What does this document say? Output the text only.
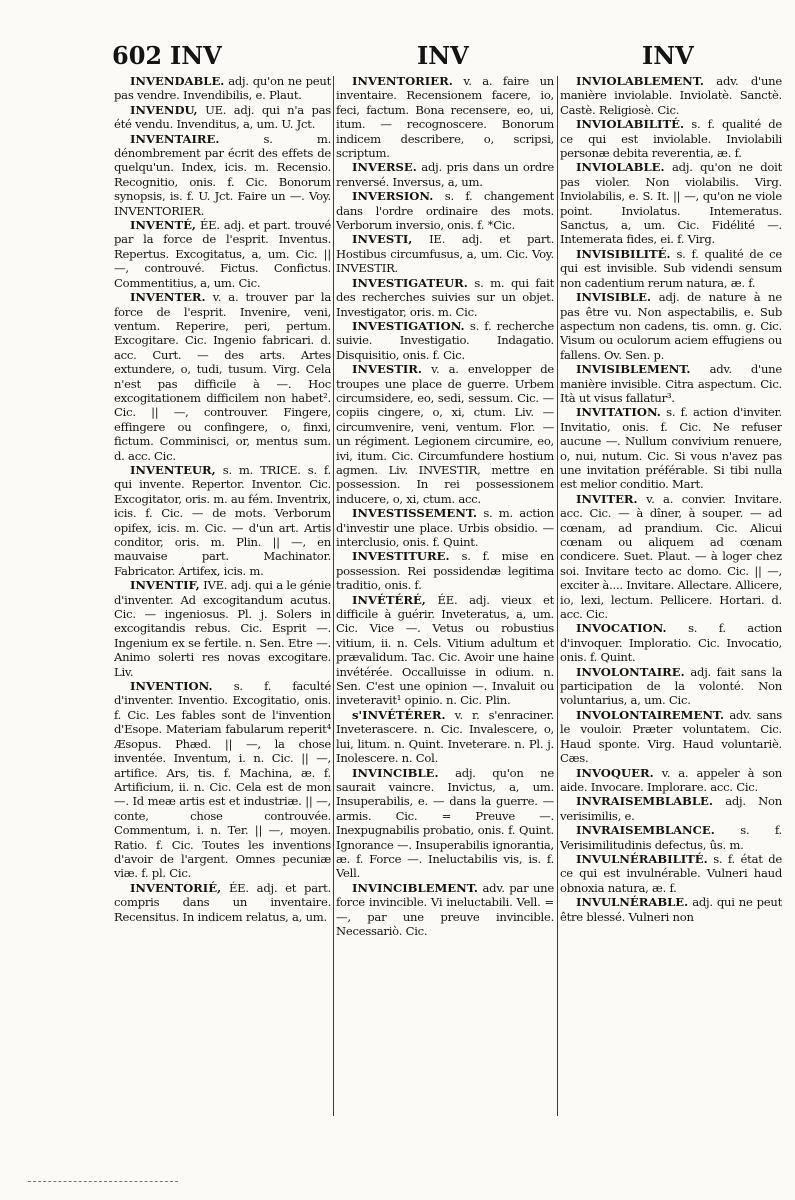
602 INV	INV	INV

INVENDABLE. adj. qu'on ne peut pas vendre. Invendibilis, e. Plaut.

INVENDU, UE. adj. qui n'a pas été vendu. Invenditus, a, um. U. Jct.

INVENTAIRE.	s. m. dénombrement par écrit des effets de quelqu'un. Index, icis. m. Recensio. Recognitio, onis. f. Cic. Bonorum synopsis, is. f. U. Jct. Faire un —. Voy. INVENTORIER.

INVENTÉ, ÉE. adj. et part. trouvé par la force de l'esprit. Inventus. Repertus. Excogitatus, a, um. Cic. || —, controuvé. Fictus. Confictus. Commentitius, a, um. Cic.

INVENTER. v. a. trouver par la force de l'esprit. Invenire, veni, ventum. Reperire, peri, pertum. Excogitare. Cic. Ingenio fabricari. d. acc. Curt. — des arts. Artes extundere, o, tudi, tusum. Virg. Cela n'est pas difficile à —. Hoc excogitationem difficilem non habet². Cic. || —, controuver. Fingere, effingere ou confingere, o, finxi, fictum. Comminisci, or, mentus sum. d. acc. Cic.

INVENTEUR, s. m. TRICE. s. f. qui invente. Repertor. Inventor. Cic. Excogitator, oris. m. au fém. Inventrix, icis. f. Cic. — de mots. Verborum opifex, icis. m. Cic. — d'un art. Artis conditor, oris. m. Plin. || —, en mauvaise part. Machinator. Fabricator. Artifex, icis. m.

INVENTIF, IVE. adj. qui a le génie d'inventer. Ad excogitandum acutus. Cic. — ingeniosus. Pl. j. Solers in excogitandis rebus. Cic. Esprit —. Ingenium ex se fertile. n. Sen. Etre —. Animo solerti res novas excogitare. Liv.

INVENTION. s. f. faculté d'inventer. Inventio. Excogitatio, onis. f. Cic. Les fables sont de l'invention d'Esope. Materiam fabularum reperit⁴ Æsopus. Phæd. || —, la chose inventée. Inventum, i. n. Cic. || —, artifice. Ars, tis. f. Machina, æ. f. Artificium, ii. n. Cic. Cela est de mon —. Id meæ artis est et industriæ. || —, conte, chose controuvée. Commentum, i. n. Ter. || —, moyen. Ratio. f. Cic. Toutes les inventions d'avoir de l'argent. Omnes pecuniæ viæ. f. pl. Cic.

INVENTORIÉ, ÉE. adj. et part. compris dans un inventaire. Recensitus. In indicem relatus, a, um.

INVENTORIER. v. a. faire un inventaire. Recensionem facere, io, feci, factum. Bona recensere, eo, ui, itum. — recognoscere. Bonorum indicem describere, o, scripsi, scriptum.

INVERSE. adj. pris dans un ordre renversé. Inversus, a, um.

INVERSION. s. f. changement dans l'ordre ordinaire des mots. Verborum inversio, onis. f. *Cic.

INVESTI, IE. adj. et part. Hostibus circumfusus, a, um. Cic. Voy. INVESTIR.

INVESTIGATEUR. s. m. qui fait des recherches suivies sur un objet. Investigator, oris. m. Cic.

INVESTIGATION. s. f. recherche suivie. Investigatio. Indagatio. Disquisitio, onis. f. Cic.

INVESTIR. v. a. envelopper de troupes une place de guerre. Urbem circumsidere, eo, sedi, sessum. Cic. — copiis cingere, o, xi, ctum. Liv. — circumvenire, veni, ventum. Flor. — un régiment. Legionem circumire, eo, ivi, itum. Cic. Circumfundere hostium agmen. Liv. INVESTIR, mettre en possession. In rei possessionem inducere, o, xi, ctum. acc.

INVESTISSEMENT. s. m. action d'investir une place. Urbis obsidio. — interclusio, onis. f. Quint.

INVESTITURE. s. f. mise en possession. Rei possidendæ legitima traditio, onis. f.

INVÉTÉRÉ, ÉE. adj. vieux et difficile à guérir. Inveteratus, a, um. Cic. Vice —. Vetus ou robustius vitium, ii. n. Cels. Vitium adultum et prævalidum. Tac. Cic. Avoir une haine invétérée. Occalluisse in odium. n. Sen. C'est une opinion —. Invaluit ou inveteravit¹ opinio. n. Cic. Plin.

s'INVÉTÉRER. v. r. s'enraciner. Inveterascere. n. Cic. Invalescere, o, lui, litum. n. Quint. Inveterare. n. Pl. j. Inolescere. n. Col.

INVINCIBLE. adj. qu'on ne saurait vaincre. Invictus, a, um. Insuperabilis, e. — dans la guerre. — armis. Cic. = Preuve —. Inexpugnabilis probatio, onis. f. Quint. Ignorance —. Insuperabilis ignorantia, æ. f. Force —. Ineluctabilis vis, is. f. Vell.

INVINCIBLEMENT. adv. par une force invincible. Vi ineluctabili. Vell. = —, par une preuve invincible. Necessariò. Cic.

INVIOLABLEMENT. adv. d'une manière inviolable. Inviolatè. Sanctè. Castè. Religiosè. Cic.

INVIOLABILITÉ. s. f. qualité de ce qui est inviolable. Inviolabili personæ debita reverentia, æ. f.

INVIOLABLE. adj. qu'on ne doit pas violer. Non violabilis. Virg. Inviolabilis, e. S. It. || —, qu'on ne viole point. Inviolatus. Intemeratus. Sanctus, a, um. Cic. Fidélité —. Intemerata fides, ei. f. Virg.

INVISIBILITÉ. s. f. qualité de ce qui est invisible. Sub videndi sensum non cadentium rerum natura, æ. f.

INVISIBLE. adj. de nature à ne pas être vu. Non aspectabilis, e. Sub aspectum non cadens, tis. omn. g. Cic. Visum ou oculorum aciem effugiens ou fallens. Ov. Sen. p.

INVISIBLEMENT. adv. d'une manière invisible. Citra aspectum. Cic. Ità ut visus fallatur³.

INVITATION. s. f. action d'inviter. Invitatio, onis. f. Cic. Ne refuser aucune —. Nullum convivium renuere, o, nui, nutum. Cic. Si vous n'avez pas une invitation préférable. Si tibi nulla est melior conditio. Mart.

INVITER. v. a. convier. Invitare. acc. Cic. — à dîner, à souper. — ad cœnam, ad prandium. Cic. Alicui cœnam ou aliquem ad cœnam condicere. Suet. Plaut. — à loger chez soi. Invitare tecto ac domo. Cic. || —, exciter à.... Invitare. Allectare. Allicere, io, lexi, lectum. Pellicere. Hortari. d. acc. Cic.

INVOCATION. s. f. action d'invoquer. Imploratio. Cic. Invocatio, onis. f. Quint.

INVOLONTAIRE. adj. fait sans la participation de la volonté. Non voluntarius, a, um. Cic.

INVOLONTAIREMENT. adv. sans le vouloir. Præter voluntatem. Cic. Haud sponte. Virg. Haud voluntariè. Cæs.

INVOQUER. v. a. appeler à son aide. Invocare. Implorare. acc. Cic.

INVRAISEMBLABLE. adj. Non verisimilis, e.

INVRAISEMBLANCE. s. f. Verisimilitudinis defectus, ûs. m.

INVULNÉRABILITÉ. s. f. état de ce qui est invulnérable. Vulneri haud obnoxia natura, æ. f.

INVULNÉRABLE. adj. qui ne peut être blessé. Vulneri non
